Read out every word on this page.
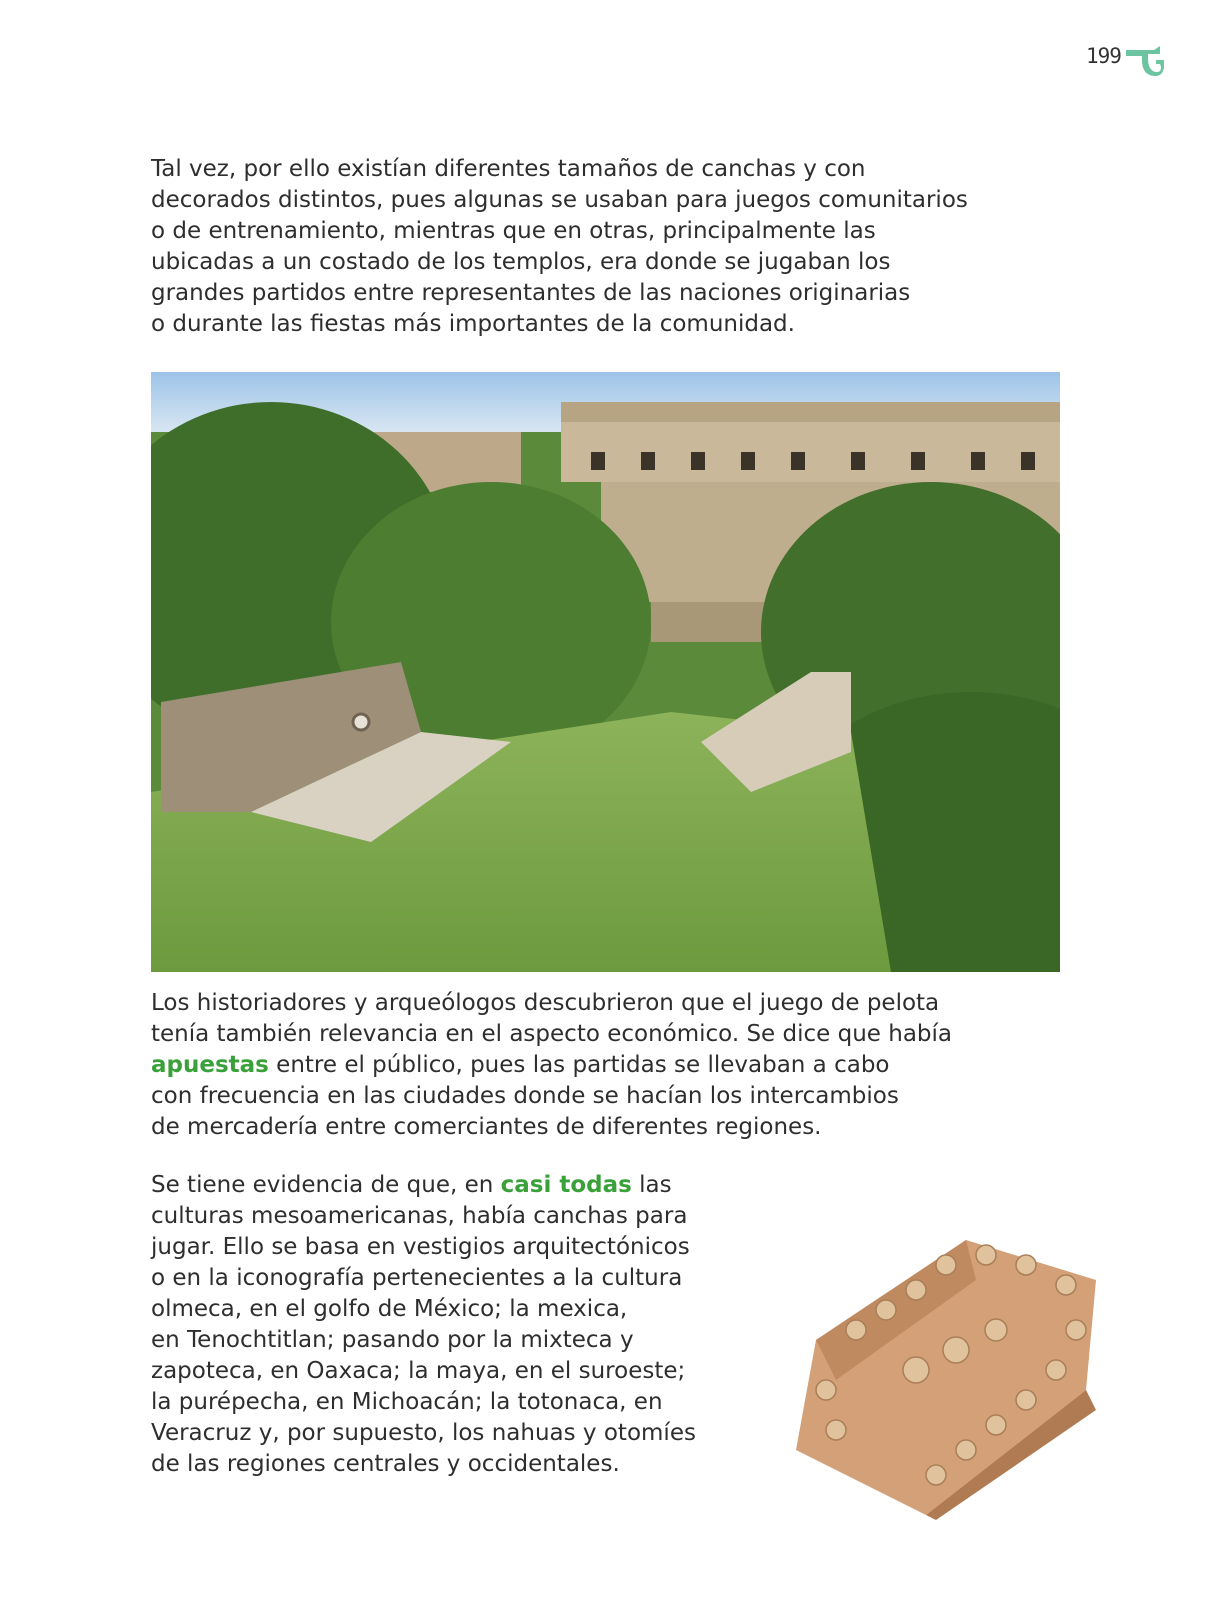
199

Tal vez, por ello existían diferentes tamaños de canchas y con
decorados distintos, pues algunas se usaban para juegos comunitarios
o de entrenamiento, mientras que en otras, principalmente las
ubicadas a un costado de los templos, era donde se jugaban los
grandes partidos entre representantes de las naciones originarias
o durante las fiestas más importantes de la comunidad.

Los historiadores y arqueólogos descubrieron que el juego de pelota
tenía también relevancia en el aspecto económico. Se dice que había
apuestas entre el público, pues las partidas se llevaban a cabo
con frecuencia en las ciudades donde se hacían los intercambios
de mercadería entre comerciantes de diferentes regiones.

Se tiene evidencia de que, en casi todas las
culturas mesoamericanas, había canchas para
jugar. Ello se basa en vestigios arquitectónicos
o en la iconografía pertenecientes a la cultura
olmeca, en el golfo de México; la mexica,
en Tenochtitlan; pasando por la mixteca y
zapoteca, en Oaxaca; la maya, en el suroeste;
la purépecha, en Michoacán; la totonaca, en
Veracruz y, por supuesto, los nahuas y otomíes
de las regiones centrales y occidentales.
